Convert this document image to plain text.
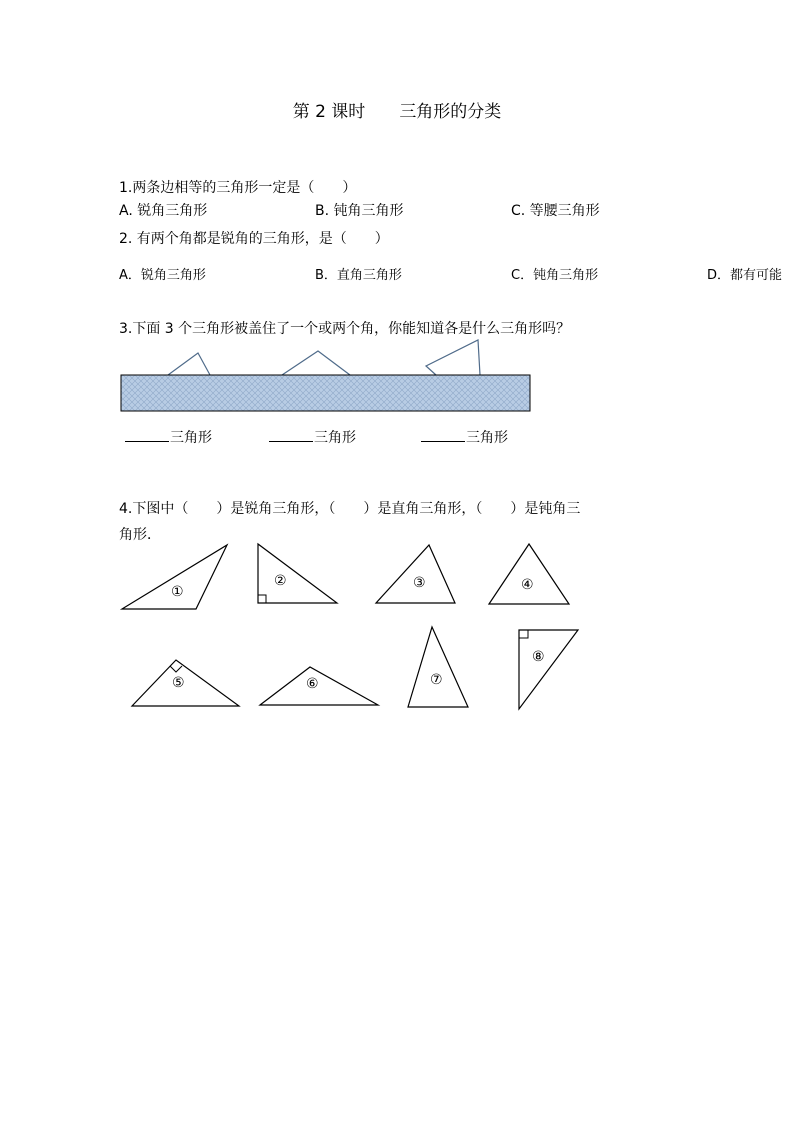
第 2 课时 三角形的分类
1.两条边相等的三角形一定是（　　）
A. 锐角三角形	B. 钝角三角形	C. 等腰三角形
2. 有两个角都是锐角的三角形，是（　　）
A．锐角三角形	B．直角三角形	C．钝角三角形	D．都有可能
3.下面 3 个三角形被盖住了一个或两个角，你能知道各是什么三角形吗？
三角形	三角形	三角形
4.下图中（　　）是锐角三角形，（　　）是直角三角形，（　　）是钝角三
角形．
①
②	③	④
⑤	⑥	⑦
⑧
